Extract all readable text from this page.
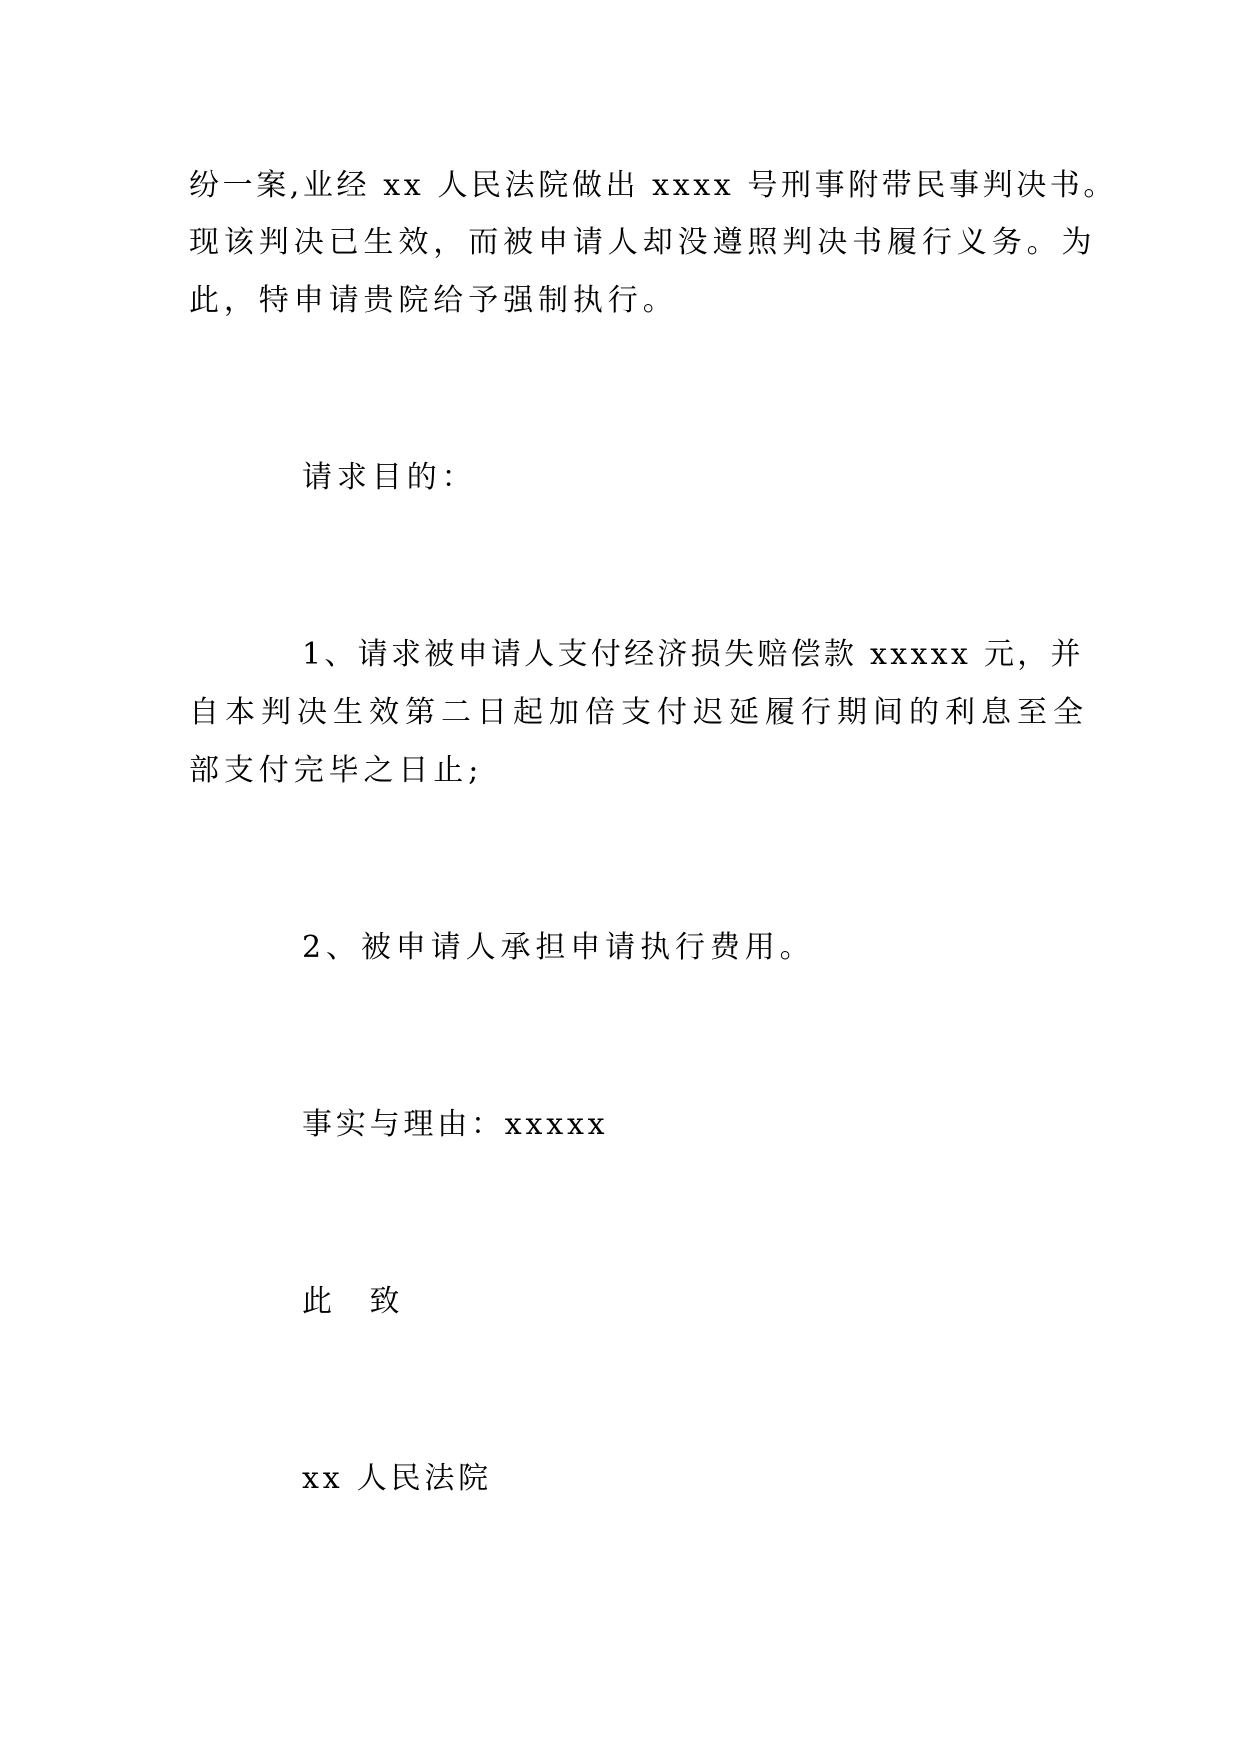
纷一案,业经 xx 人民法院做出 xxxx 号刑事附带民事判决书。

现该判决已生效，而被申请人却没遵照判决书履行义务。为

此，特申请贵院给予强制执行。

请求目的：

1、请求被申请人支付经济损失赔偿款 xxxxx 元，并

自本判决生效第二日起加倍支付迟延履行期间的利息至全

部支付完毕之日止;

2、被申请人承担申请执行费用。

事实与理由：xxxxx

此 致

xx 人民法院
